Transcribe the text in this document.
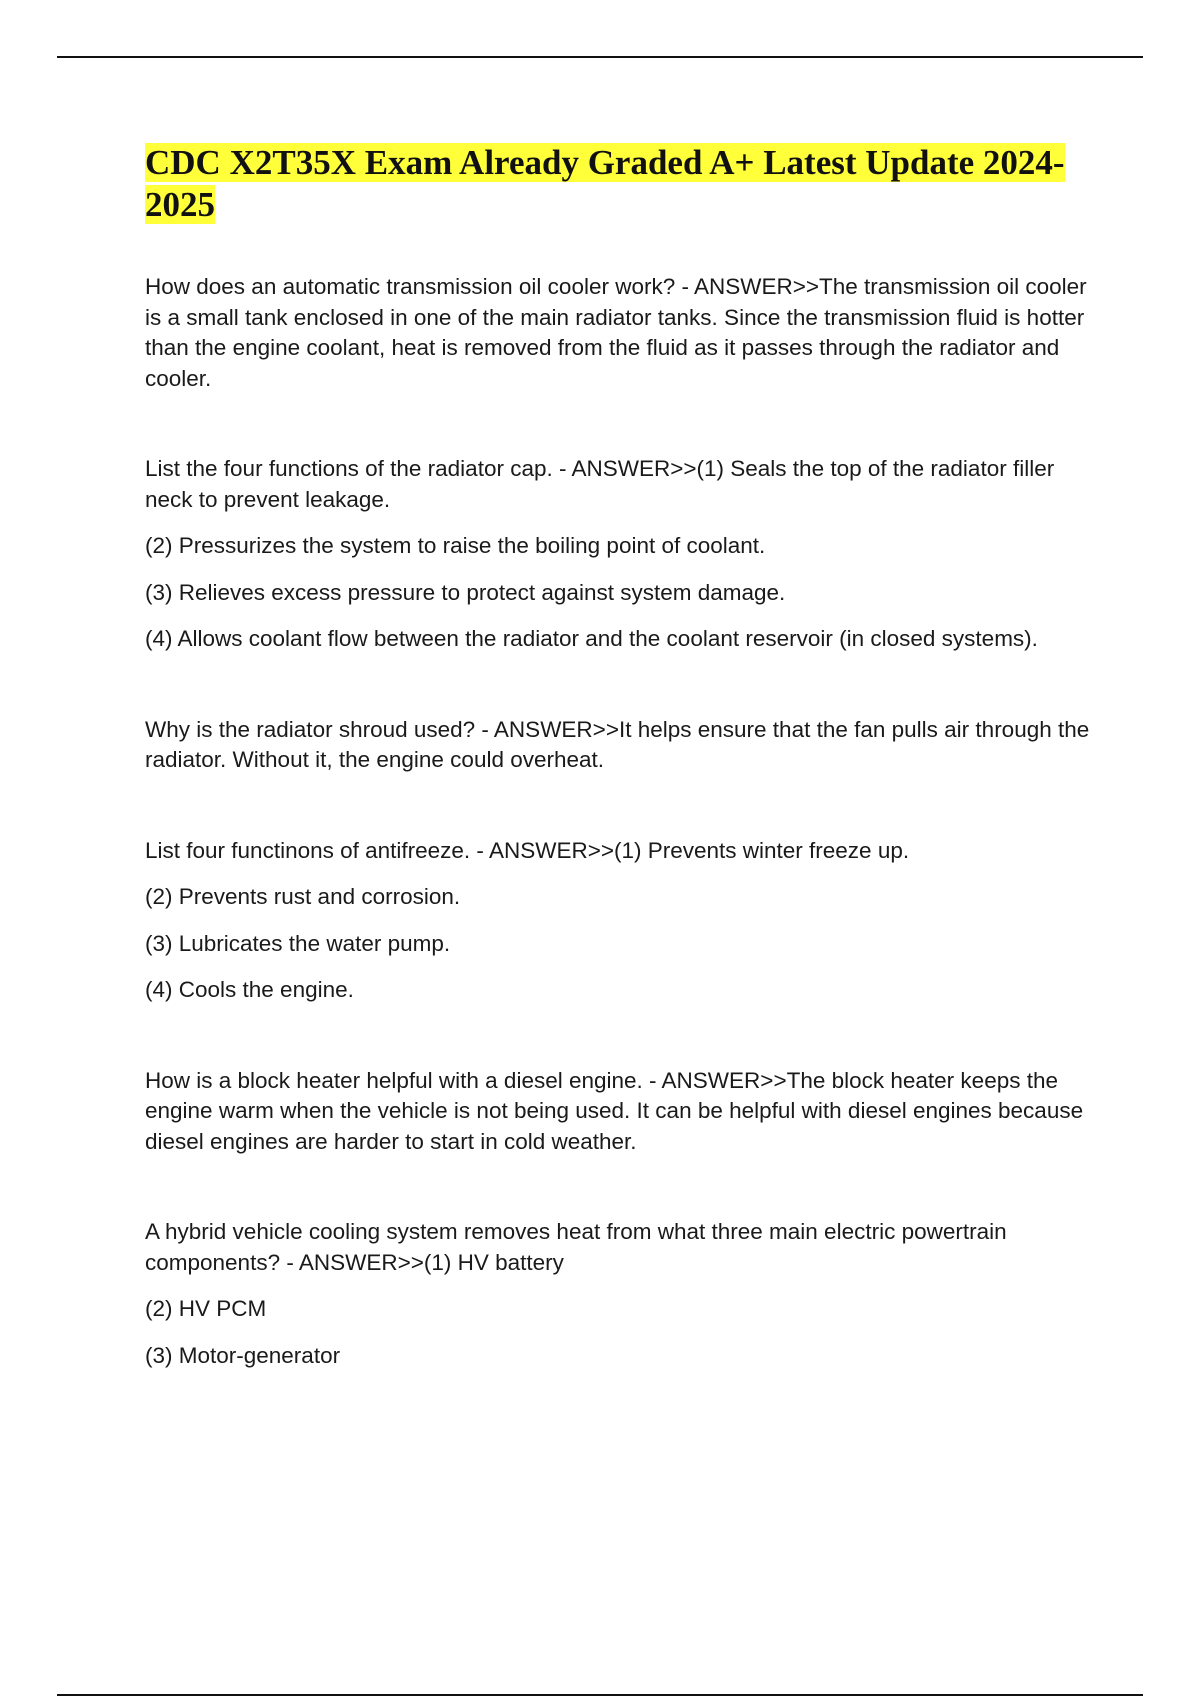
CDC X2T35X Exam Already Graded A+ Latest Update 2024-2025

How does an automatic transmission oil cooler work? - ANSWER>>The transmission oil cooler is a small tank enclosed in one of the main radiator tanks. Since the transmission fluid is hotter than the engine coolant, heat is removed from the fluid as it passes through the radiator and cooler.

List the four functions of the radiator cap. - ANSWER>>(1) Seals the top of the radiator filler neck to prevent leakage.

(2) Pressurizes the system to raise the boiling point of coolant.

(3) Relieves excess pressure to protect against system damage.

(4) Allows coolant flow between the radiator and the coolant reservoir (in closed systems).

Why is the radiator shroud used? - ANSWER>>It helps ensure that the fan pulls air through the radiator. Without it, the engine could overheat.

List four functinons of antifreeze. - ANSWER>>(1) Prevents winter freeze up.

(2) Prevents rust and corrosion.

(3) Lubricates the water pump.

(4) Cools the engine.

How is a block heater helpful with a diesel engine. - ANSWER>>The block heater keeps the engine warm when the vehicle is not being used. It can be helpful with diesel engines because diesel engines are harder to start in cold weather.

A hybrid vehicle cooling system removes heat from what three main electric powertrain components? - ANSWER>>(1) HV battery

(2) HV PCM

(3) Motor-generator
